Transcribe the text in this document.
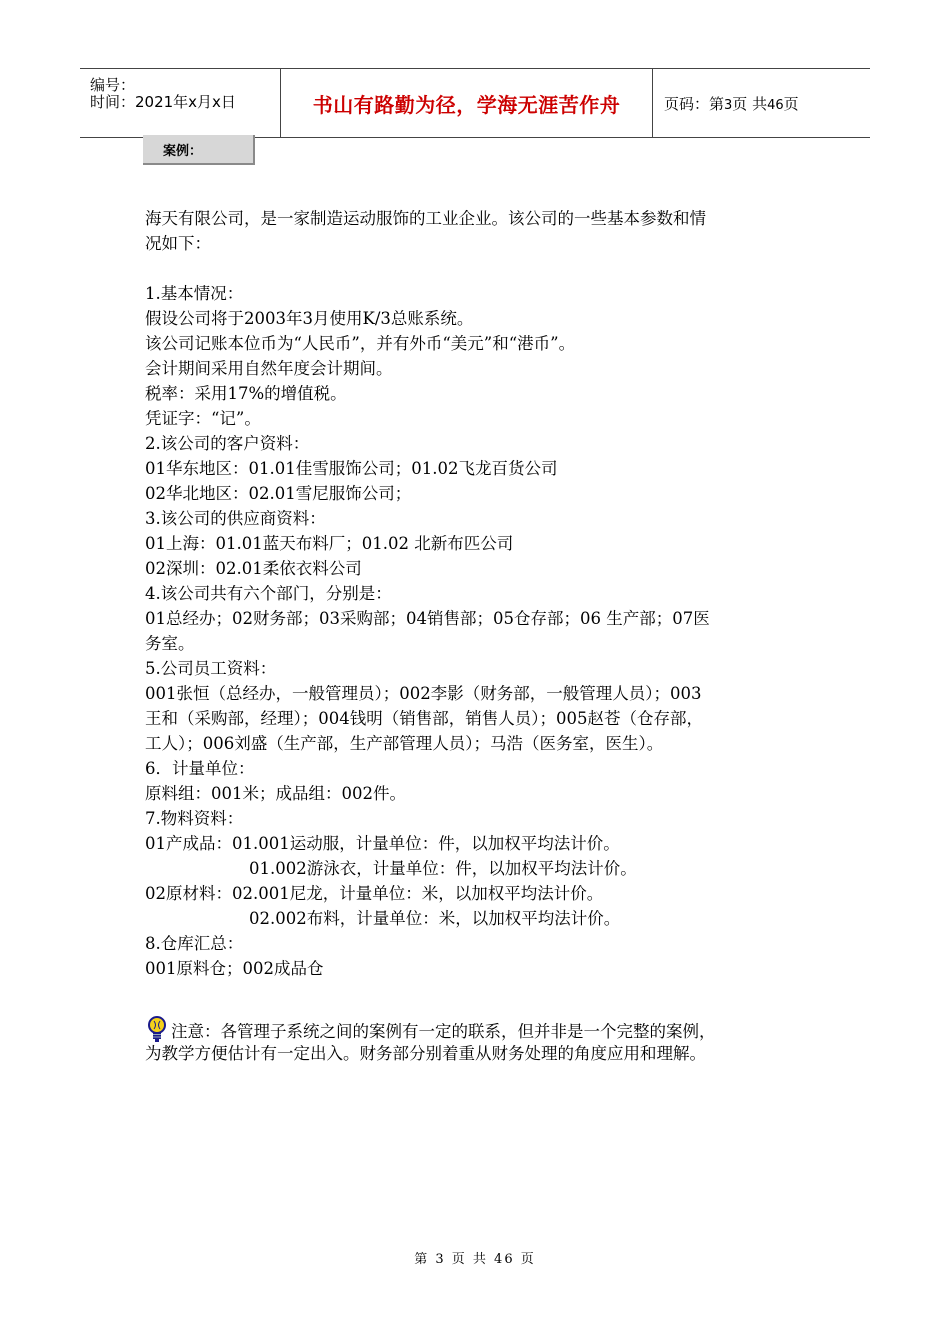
编号：
时间：2021年x月x日	书山有路勤为径，学海无涯苦作舟	页码：第3页 共46页
案例：
海天有限公司，是一家制造运动服饰的工业企业。该公司的一些基本参数和情
况如下：
1.基本情况：
假设公司将于2003年3月使用K/3总账系统。
该公司记账本位币为“人民币”，并有外币“美元”和“港币”。
会计期间采用自然年度会计期间。
税率：采用17%的增值税。
凭证字：“记”。
2.该公司的客户资料：
01华东地区：01.01佳雪服饰公司；01.02飞龙百货公司
02华北地区：02.01雪尼服饰公司；
3.该公司的供应商资料：
01上海：01.01蓝天布料厂；01.02 北新布匹公司
02深圳：02.01柔依衣料公司
4.该公司共有六个部门，分别是：
01总经办；02财务部；03采购部；04销售部；05仓存部；06 生产部；07医
务室。
5.公司员工资料：
001张恒（总经办，一般管理员）；002李影（财务部，一般管理人员）；003
王和（采购部，经理）；004钱明（销售部，销售人员）；005赵苍（仓存部，
工人）；006刘盛（生产部，生产部管理人员）；马浩（医务室，医生）。
6．计量单位：
原料组：001米；成品组：002件。
7.物料资料：
01产成品：01.001运动服，计量单位：件，以加权平均法计价。
01.002游泳衣，计量单位：件，以加权平均法计价。
02原材料：02.001尼龙，计量单位：米，以加权平均法计价。
02.002布料，计量单位：米，以加权平均法计价。
8.仓库汇总：
001原料仓；002成品仓
注意：各管理子系统之间的案例有一定的联系，但并非是一个完整的案例，
为教学方便估计有一定出入。财务部分别着重从财务处理的角度应用和理解。
第 3 页 共 46 页
